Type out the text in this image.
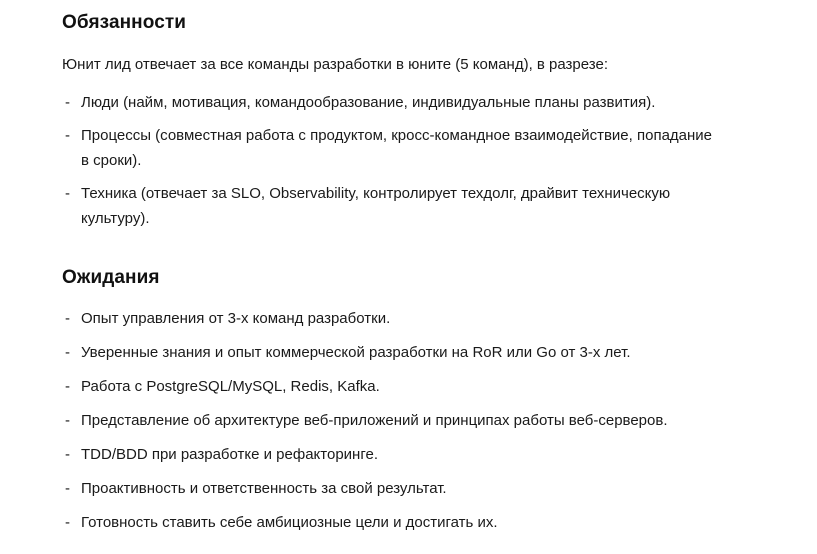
Обязанности

Юнит лид отвечает за все команды разработки в юните (5 команд), в разрезе:

- Люди (найм, мотивация, командообразование, индивидуальные планы развития).
- Процессы (совместная работа с продуктом, кросс-командное взаимодействие, попадание в сроки).
- Техника (отвечает за SLO, Observability, контролирует техдолг, драйвит техническую культуру).
Ожидания
- Опыт управления от 3-х команд разработки.
- Уверенные знания и опыт коммерческой разработки на RoR или Go от 3-х лет.
- Работа с PostgreSQL/MySQL, Redis, Kafka.
- Представление об архитектуре веб-приложений и принципах работы веб-серверов.
- TDD/BDD при разработке и рефакторинге.
- Проактивность и ответственность за свой результат.
- Готовность ставить себе амбициозные цели и достигать их.
